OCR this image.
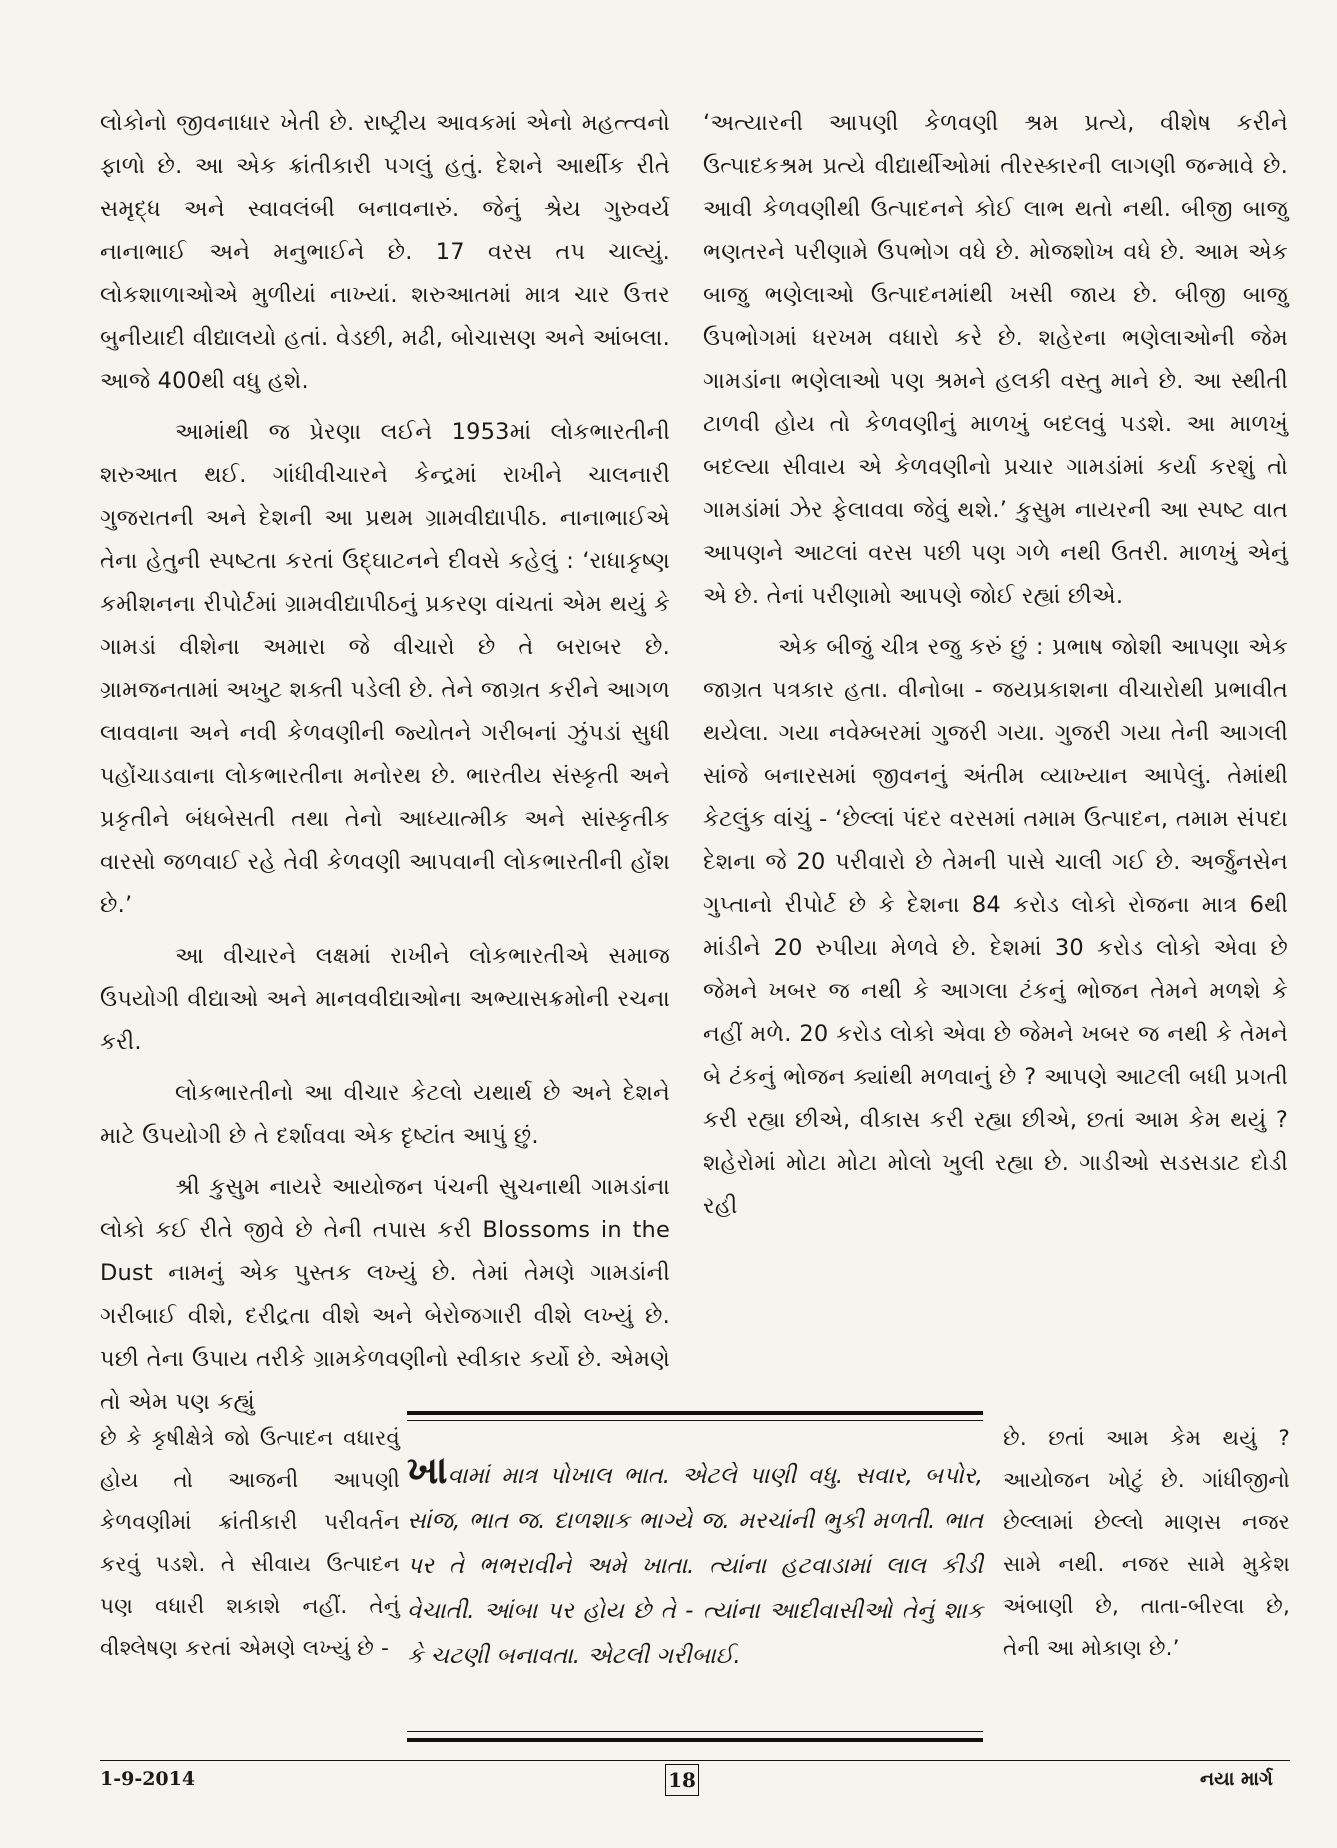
લોકોનો જીવનાધાર ખેતી છે. રાષ્ટ્રીય આવકમાં એનો મહત્ત્વનો ફાળો છે. આ એક ક્રાંતીકારી પગલું હતું. દેશને આર્થીક રીતે સમૃદ્ધ અને સ્વાવલંબી બનાવનારું. જેનું શ્રેય ગુરુવર્ય નાનાભાઈ અને મનુભાઈને છે. 17 વરસ તપ ચાલ્યું. લોકશાળાઓએ મુળીયાં નાખ્યાં. શરુઆતમાં માત્ર ચાર ઉત્તર બુનીયાદી વીદ્યાલયો હતાં. વેડછી, મઢી, બોચાસણ અને આંબલા. આજે 400થી વધુ હશે.

આમાંથી જ પ્રેરણા લઈને 1953માં લોકભારતીની શરુઆત થઈ. ગાંધીવીચારને કેન્દ્રમાં રાખીને ચાલનારી ગુજરાતની અને દેશની આ પ્રથમ ગ્રામવીદ્યાપીઠ. નાનાભાઈએ તેના હેતુની સ્પષ્ટતા કરતાં ઉદ્ઘાટનને દીવસે કહેલું : ‘રાધાકૃષ્ણ કમીશનના રીપોર્ટમાં ગ્રામવીદ્યાપીઠનું પ્રકરણ વાંચતાં એમ થયું કે ગામડાં વીશેના અમારા જે વીચારો છે તે બરાબર છે. ગ્રામજનતામાં અખુટ શક્તી પડેલી છે. તેને જાગ્રત કરીને આગળ લાવવાના અને નવી કેળવણીની જ્યોતને ગરીબનાં ઝુંપડાં સુધી પહોંચાડવાના લોકભારતીના મનોરથ છે. ભારતીય સંસ્કૃતી અને પ્રકૃતીને બંધબેસતી તથા તેનો આધ્યાત્મીક અને સાંસ્કૃતીક વારસો જળવાઈ રહે તેવી કેળવણી આપવાની લોકભારતીની હોંશ છે.’

આ વીચારને લક્ષમાં રાખીને લોકભારતીએ સમાજ ઉપયોગી વીદ્યાઓ અને માનવવીદ્યાઓના અભ્યાસક્રમોની રચના કરી.

લોકભારતીનો આ વીચાર કેટલો યથાર્થ છે અને દેશને માટે ઉપયોગી છે તે દર્શાવવા એક દૃષ્ટાંત આપું છું.

શ્રી કુસુમ નાયરે આયોજન પંચની સુચનાથી ગામડાંના લોકો કઈ રીતે જીવે છે તેની તપાસ કરી Blossoms in the Dust નામનું એક પુસ્તક લખ્યું છે. તેમાં તેમણે ગામડાંની ગરીબાઈ વીશે, દરીદ્રતા વીશે અને બેરોજગારી વીશે લખ્યું છે. પછી તેના ઉપાય તરીકે ગ્રામકેળવણીનો સ્વીકાર કર્યો છે. એમણે તો એમ પણ કહ્યું

‘અત્યારની આપણી કેળવણી શ્રમ પ્રત્યે, વીશેષ કરીને ઉત્પાદકશ્રમ પ્રત્યે વીદ્યાર્થીઓમાં તીરસ્કારની લાગણી જન્માવે છે. આવી કેળવણીથી ઉત્પાદનને કોઈ લાભ થતો નથી. બીજી બાજુ ભણતરને પરીણામે ઉપભોગ વધે છે. મોજશોખ વધે છે. આમ એક બાજુ ભણેલાઓ ઉત્પાદનમાંથી ખસી જાય છે. બીજી બાજુ ઉપભોગમાં ધરખમ વધારો કરે છે. શહેરના ભણેલાઓની જેમ ગામડાંના ભણેલાઓ પણ શ્રમને હલકી વસ્તુ માને છે. આ સ્થીતી ટાળવી હોય તો કેળવણીનું માળખું બદલવું પડશે. આ માળખું બદલ્યા સીવાય એ કેળવણીનો પ્રચાર ગામડાંમાં કર્યા કરશું તો ગામડાંમાં ઝેર ફેલાવવા જેવું થશે.’ કુસુમ નાયરની આ સ્પષ્ટ વાત આપણને આટલાં વરસ પછી પણ ગળે નથી ઉતરી. માળખું એનું એ છે. તેનાં પરીણામો આપણે જોઈ રહ્યાં છીએ.

એક બીજું ચીત્ર રજુ કરું છું : પ્રભાષ જોશી આપણા એક જાગ્રત પત્રકાર હતા. વીનોબા - જયપ્રકાશના વીચારોથી પ્રભાવીત થયેલા. ગયા નવેમ્બરમાં ગુજરી ગયા. ગુજરી ગયા તેની આગલી સાંજે બનારસમાં જીવનનું અંતીમ વ્યાખ્યાન આપેલું. તેમાંથી કેટલુંક વાંચું - ‘છેલ્લાં પંદર વરસમાં તમામ ઉત્પાદન, તમામ સંપદા દેશના જે 20 પરીવારો છે તેમની પાસે ચાલી ગઈ છે. અર્જુનસેન ગુપ્તાનો રીપોર્ટ છે કે દેશના 84 કરોડ લોકો રોજના માત્ર 6થી માંડીને 20 રુપીયા મેળવે છે. દેશમાં 30 કરોડ લોકો એવા છે જેમને ખબર જ નથી કે આગલા ટંકનું ભોજન તેમને મળશે કે નહીં મળે. 20 કરોડ લોકો એવા છે જેમને ખબર જ નથી કે તેમને બે ટંકનું ભોજન ક્યાંથી મળવાનું છે ? આપણે આટલી બધી પ્રગતી કરી રહ્યા છીએ, વીકાસ કરી રહ્યા છીએ, છતાં આમ કેમ થયું ? શહેરોમાં મોટા મોટા મોલો ખુલી રહ્યા છે. ગાડીઓ સડસડાટ દોડી રહી

છે કે કૃષીક્ષેત્રે જો ઉત્પાદન વધારવું હોય તો આજની આપણી કેળવણીમાં ક્રાંતીકારી પરીવર્તન કરવું પડશે. તે સીવાય ઉત્પાદન પણ વધારી શકાશે નહીં. તેનું વીશ્લેષણ કરતાં એમણે લખ્યું છે -

ખાવામાં માત્ર પોખાલ ભાત. એટલે પાણી વધુ. સવાર, બપોર, સાંજ, ભાત જ. દાળશાક ભાગ્યે જ. મરચાંની ભુકી મળતી. ભાત પર તે ભભરાવીને અમે ખાતા. ત્યાંના હટવાડામાં લાલ કીડી વેચાતી. આંબા પર હોય છે તે - ત્યાંના આદીવાસીઓ તેનું શાક કે ચટણી બનાવતા. એટલી ગરીબાઈ.

છે. છતાં આમ કેમ થયું ? આયોજન ખોટું છે. ગાંધીજીનો છેલ્લામાં છેલ્લો માણસ નજર સામે નથી. નજર સામે મુકેશ અંબાણી છે, તાતા-બીરલા છે, તેની આ મોકાણ છે.’

1-9-2014	18	નયા માર્ગ
